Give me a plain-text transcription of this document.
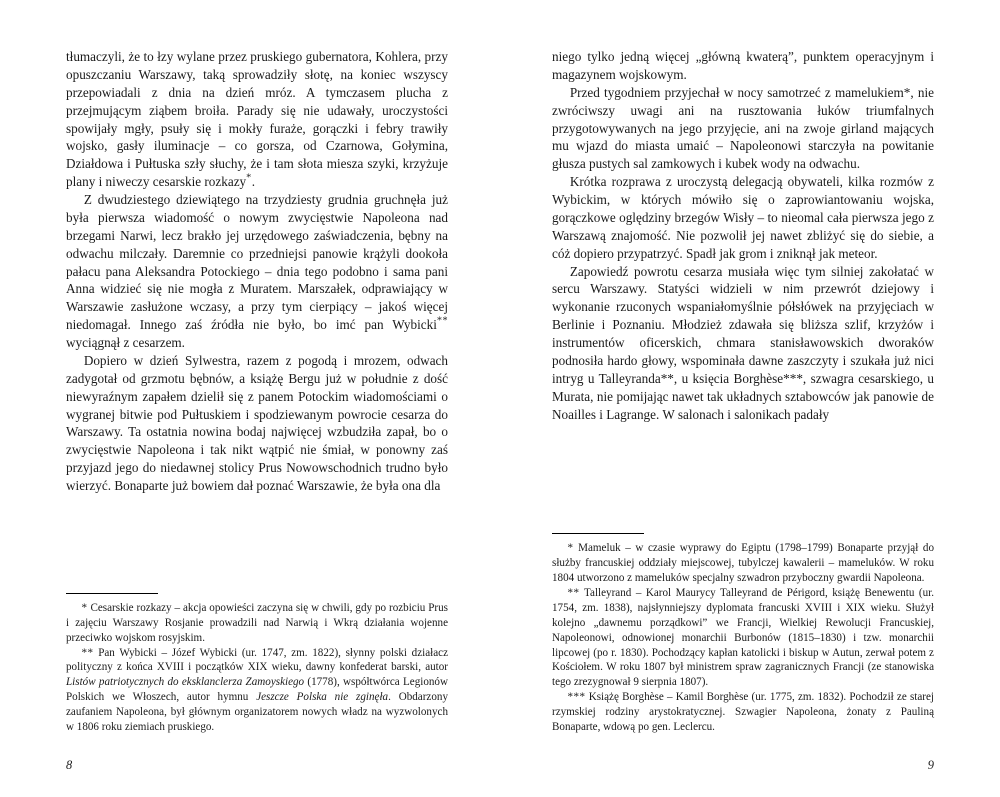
tłumaczyli, że to łzy wylane przez pruskiego gubernatora, Kohlera, przy opuszczaniu Warszawy, taką sprowadziły słotę, na koniec wszyscy przepowiadali z dnia na dzień mróz. A tymczasem plucha z przejmującym ziąbem broiła. Parady się nie udawały, uroczystości spowijały mgły, psuły się i mokły furaże, gorączki i febry trawiły wojsko, gasły iluminacje – co gorsza, od Czarnowa, Gołymina, Działdowa i Pułtuska szły słuchy, że i tam słota miesza szyki, krzyżuje plany i niweczy cesarskie rozkazy*.

Z dwudziestego dziewiątego na trzydziesty grudnia gruchnęła już była pierwsza wiadomość o nowym zwycięstwie Napoleona nad brzegami Narwi, lecz brakło jej urzędowego zaświadczenia, bębny na odwachu milczały. Daremnie co przedniejsi panowie krążyli dookoła pałacu pana Aleksandra Potockiego – dnia tego podobno i sama pani Anna widzieć się nie mogła z Muratem. Marszałek, odprawiający w Warszawie zasłużone wczasy, a przy tym cierpiący – jakoś więcej niedomagał. Innego zaś źródła nie było, bo imć pan Wybicki** wyciągnął z cesarzem.

Dopiero w dzień Sylwestra, razem z pogodą i mrozem, odwach zadygotał od grzmotu bębnów, a książę Bergu już w południe z dość niewyraźnym zapałem dzielił się z panem Potockim wiadomościami o wygranej bitwie pod Pułtuskiem i spodziewanym powrocie cesarza do Warszawy. Ta ostatnia nowina bodaj najwięcej wzbudziła zapał, bo o zwycięstwie Napoleona i tak nikt wątpić nie śmiał, w ponowny zaś przyjazd jego do niedawnej stolicy Prus Nowowschodnich trudno było wierzyć. Bonaparte już bowiem dał poznać Warszawie, że była ona dla

* Cesarskie rozkazy – akcja opowieści zaczyna się w chwili, gdy po rozbiciu Prus i zajęciu Warszawy Rosjanie prowadzili nad Narwią i Wkrą działania wojenne przeciwko wojskom rosyjskim.

** Pan Wybicki – Józef Wybicki (ur. 1747, zm. 1822), słynny polski działacz polityczny z końca XVIII i początków XIX wieku, dawny konfederat barski, autor Listów patriotycznych do eksklanclerza Zamoyskiego (1778), współtwórca Legionów Polskich we Włoszech, autor hymnu Jeszcze Polska nie zginęła. Obdarzony zaufaniem Napoleona, był głównym organizatorem nowych władz na wyzwolonych w 1806 roku ziemiach pruskiego.

8

niego tylko jedną więcej „główną kwaterą”, punktem operacyjnym i magazynem wojskowym.

Przed tygodniem przyjechał w nocy samotrzeć z mamelukiem*, nie zwróciwszy uwagi ani na rusztowania łuków triumfalnych przygotowywanych na jego przyjęcie, ani na zwoje girland mających mu wjazd do miasta umaić – Napoleonowi starczyła na powitanie głusza pustych sal zamkowych i kubek wody na odwachu.

Krótka rozprawa z uroczystą delegacją obywateli, kilka rozmów z Wybickim, w których mówiło się o zaprowiantowaniu wojska, gorączkowe oględziny brzegów Wisły – to nieomal cała pierwsza jego z Warszawą znajomość. Nie pozwolił jej nawet zbliżyć się do siebie, a cóż dopiero przypatrzyć. Spadł jak grom i zniknął jak meteor.

Zapowiedź powrotu cesarza musiała więc tym silniej zakołatać w sercu Warszawy. Statyści widzieli w nim przewrót dziejowy i wykonanie rzuconych wspaniałomyślnie półsłówek na przyjęciach w Berlinie i Poznaniu. Młodzież zdawała się bliższa szlif, krzyżów i instrumentów oficerskich, chmara stanisławowskich dworaków podnosiła hardo głowy, wspominała dawne zaszczyty i szukała już nici intryg u Talleyranda**, u księcia Borghèse***, szwagra cesarskiego, u Murata, nie pomijając nawet tak układnych sztabowców jak panowie de Noailles i Lagrange. W salonach i salonikach padały

* Mameluk – w czasie wyprawy do Egiptu (1798–1799) Bonaparte przyjął do służby francuskiej oddziały miejscowej, tubylczej kawalerii – mameluków. W roku 1804 utworzono z mameluków specjalny szwadron przyboczny gwardii Napoleona.

** Talleyrand – Karol Maurycy Talleyrand de Périgord, książę Benewentu (ur. 1754, zm. 1838), najsłynniejszy dyplomata francuski XVIII i XIX wieku. Służył kolejno „dawnemu porządkowi” we Francji, Wielkiej Rewolucji Francuskiej, Napoleonowi, odnowionej monarchii Burbonów (1815–1830) i tzw. monarchii lipcowej (po r. 1830). Pochodzący kapłan katolicki i biskup w Autun, zerwał potem z Kościołem. W roku 1807 był ministrem spraw zagranicznych Francji (ze stanowiska tego zrezygnował 9 sierpnia 1807).

*** Książę Borghèse – Kamil Borghèse (ur. 1775, zm. 1832). Pochodził ze starej rzymskiej rodziny arystokratycznej. Szwagier Napoleona, żonaty z Pauliną Bonaparte, wdową po gen. Leclercu.

9
